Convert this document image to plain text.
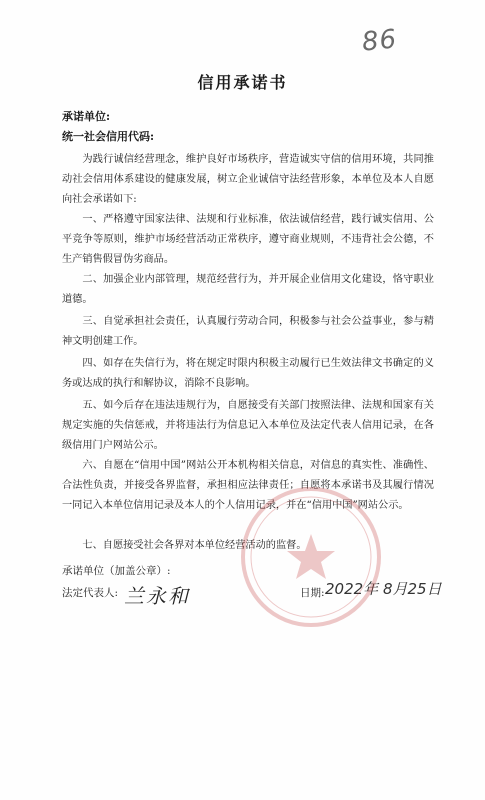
86
信用承诺书
承诺单位:
统一社会信用代码:
为践行诚信经营理念，维护良好市场秩序，营造诚实守信的信用环境，共同推动社会信用体系建设的健康发展，树立企业诚信守法经营形象，本单位及本人自愿向社会承诺如下:
一、严格遵守国家法律、法规和行业标准，依法诚信经营，践行诚实信用、公平竞争等原则，维护市场经营活动正常秩序，遵守商业规则，不违背社会公德，不生产销售假冒伪劣商品。
二、加强企业内部管理，规范经营行为，并开展企业信用文化建设，恪守职业道德。
三、自觉承担社会责任，认真履行劳动合同，积极参与社会公益事业，参与精神文明创建工作。
四、如存在失信行为，将在规定时限内积极主动履行已生效法律文书确定的义务或达成的执行和解协议，消除不良影响。
五、如今后存在违法违规行为，自愿接受有关部门按照法律、法规和国家有关规定实施的失信惩戒，并将违法行为信息记入本单位及法定代表人信用记录，在各级信用门户网站公示。
六、自愿在“信用中国”网站公开本机构相关信息，对信息的真实性、准确性、合法性负责，并接受各界监督，承担相应法律责任；自愿将本承诺书及其履行情况一同记入本单位信用记录及本人的个人信用记录，并在“信用中国”网站公示。
七、自愿接受社会各界对本单位经营活动的监督。
承诺单位（加盖公章）:
法定代表人: 兰永和	日期: 2022年 8月25日
